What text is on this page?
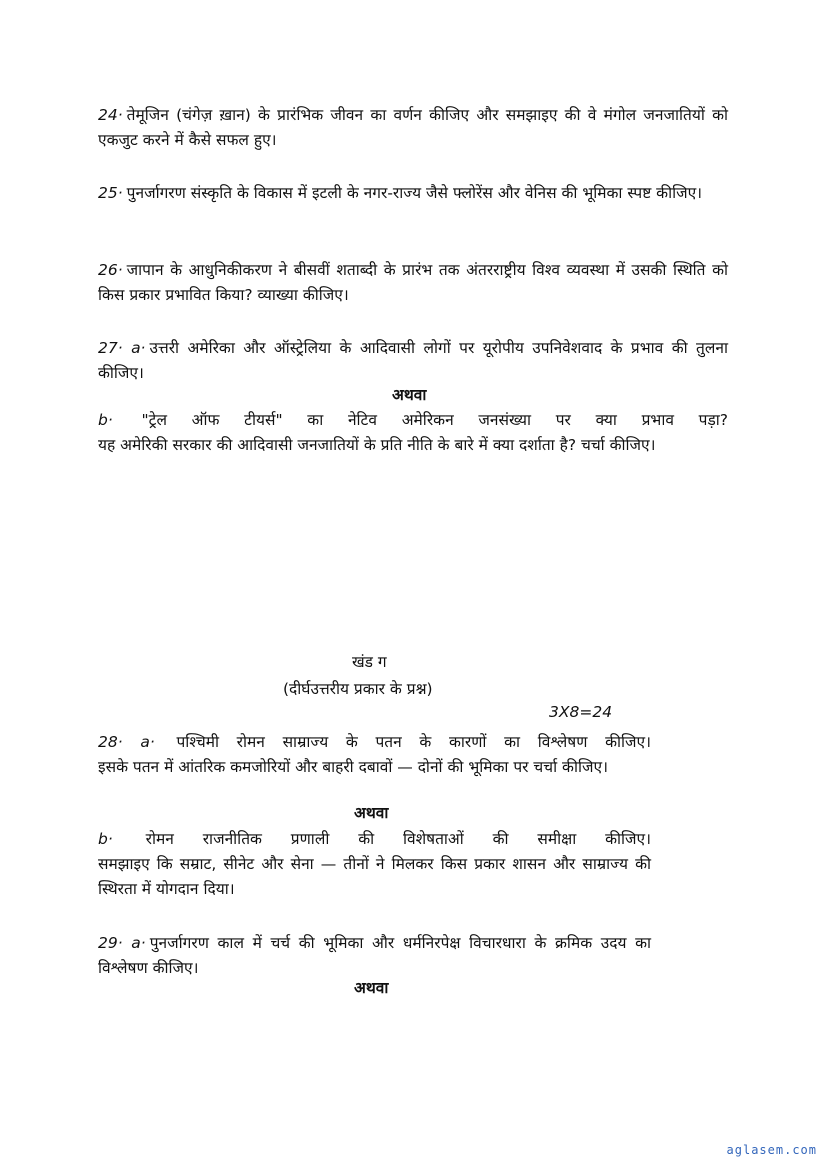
24· तेमूजिन (चंगेज़ ख़ान) के प्रारंभिक जीवन का वर्णन कीजिए और समझाइए की वे मंगोल जनजातियों को एकजुट करने में कैसे सफल हुए।
25· पुनर्जागरण संस्कृति के विकास में इटली के नगर-राज्य जैसे फ्लोरेंस और वेनिस की भूमिका स्पष्ट कीजिए।
26· जापान के आधुनिकीकरण ने बीसवीं शताब्दी के प्रारंभ तक अंतरराष्ट्रीय विश्व व्यवस्था में उसकी स्थिति को किस प्रकार प्रभावित किया? व्याख्या कीजिए।
27· a· उत्तरी अमेरिका और ऑस्ट्रेलिया के आदिवासी लोगों पर यूरोपीय उपनिवेशवाद के प्रभाव की तुलना कीजिए।
अथवा
b· "ट्रेल ऑफ टीयर्स" का नेटिव अमेरिकन जनसंख्या पर क्या प्रभाव पड़ा?
यह अमेरिकी सरकार की आदिवासी जनजातियों के प्रति नीति के बारे में क्या दर्शाता है? चर्चा कीजिए।
खंड ग
(दीर्घउत्तरीय प्रकार के प्रश्न)
3X8=24
28· a· पश्चिमी रोमन साम्राज्य के पतन के कारणों का विश्लेषण कीजिए।
इसके पतन में आंतरिक कमजोरियों और बाहरी दबावों — दोनों की भूमिका पर चर्चा कीजिए।
अथवा
b· रोमन राजनीतिक प्रणाली की विशेषताओं की समीक्षा कीजिए।
समझाइए कि सम्राट, सीनेट और सेना — तीनों ने मिलकर किस प्रकार शासन और साम्राज्य की स्थिरता में योगदान दिया।
29· a· पुनर्जागरण काल में चर्च की भूमिका और धर्मनिरपेक्ष विचारधारा के क्रमिक उदय का विश्लेषण कीजिए।
अथवा
aglasem.com
